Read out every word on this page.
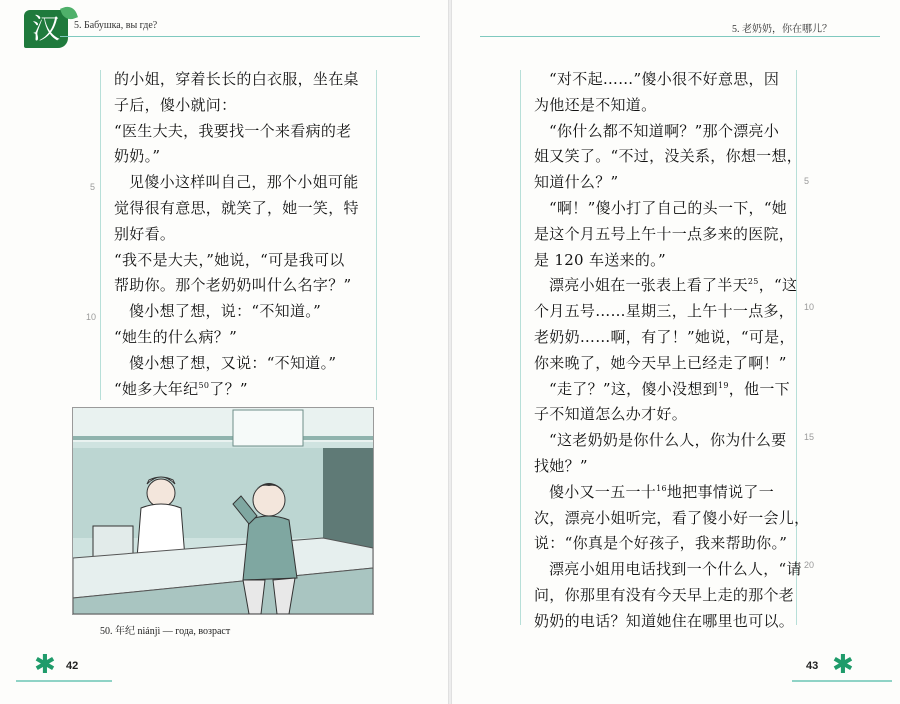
汉	5. Бабушка, вы где?
5
10
的小姐，穿着长长的白衣服，坐在桌
子后，傻小就问：
“医生大夫，我要找一个来看病的老
奶奶。”
见傻小这样叫自己，那个小姐可能
觉得很有意思，就笑了，她一笑，特
别好看。
“我不是大夫，”她说，“可是我可以
帮助你。那个老奶奶叫什么名字？”
傻小想了想，说：“不知道。”
“她生的什么病？”
傻小想了想，又说：“不知道。”
“她多大年纪$^{50}$了？”
50. 年纪 niánjì — года, возраст
✱ 42
5. 老奶奶，你在哪儿？
5
10
15
20
“对不起……”傻小很不好意思，因
为他还是不知道。
“你什么都不知道啊？”那个漂亮小
姐又笑了。“不过，没关系，你想一想，
知道什么？”
“啊！”傻小打了自己的头一下，“她
是这个月五号上午十一点多来的医院，
是 120 车送来的。”
漂亮小姐在一张表上看了半天$^{25}$，“这
个月五号……星期三，上午十一点多，
老奶奶……啊，有了！”她说，“可是，
你来晚了，她今天早上已经走了啊！”
“走了？”这，傻小没想到$^{19}$，他一下
子不知道怎么办才好。
“这老奶奶是你什么人，你为什么要
找她？”
傻小又一五一十$^{16}$地把事情说了一
次，漂亮小姐听完，看了傻小好一会儿，
说：“你真是个好孩子，我来帮助你。”
漂亮小姐用电话找到一个什么人，“请
问，你那里有没有今天早上走的那个老
奶奶的电话？知道她住在哪里也可以。
43 ✱
